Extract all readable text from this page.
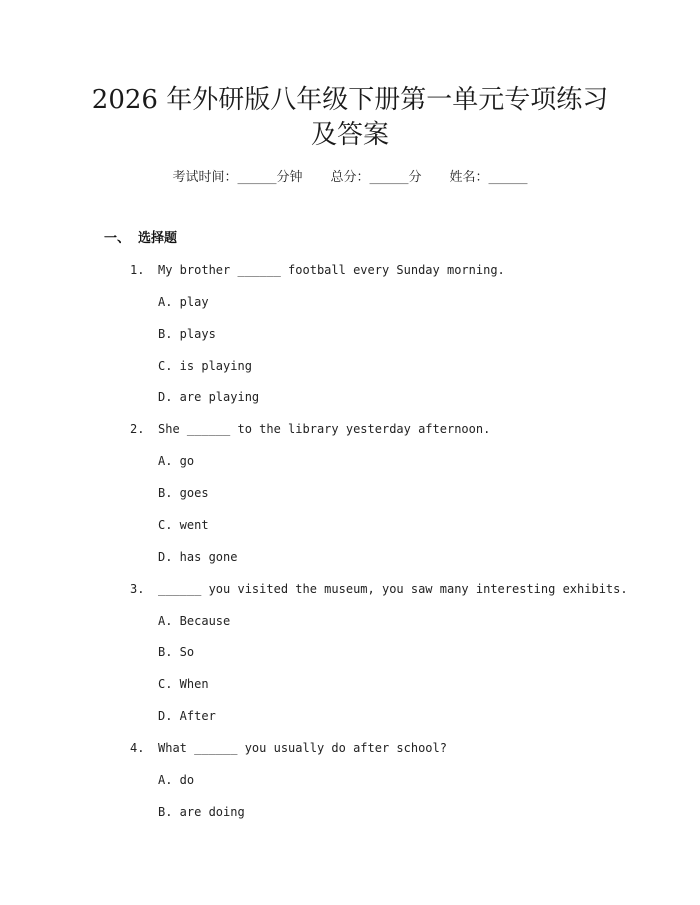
2026 年外研版八年级下册第一单元专项练习
及答案
考试时间：______分钟 总分：______分 姓名：______
一、 选择题
1. My brother ______ football every Sunday morning.
A. play
B. plays
C. is playing
D. are playing
2. She ______ to the library yesterday afternoon.
A. go
B. goes
C. went
D. has gone
3. ______ you visited the museum, you saw many interesting exhibits.
A. Because
B. So
C. When
D. After
4. What ______ you usually do after school?
A. do
B. are doing
